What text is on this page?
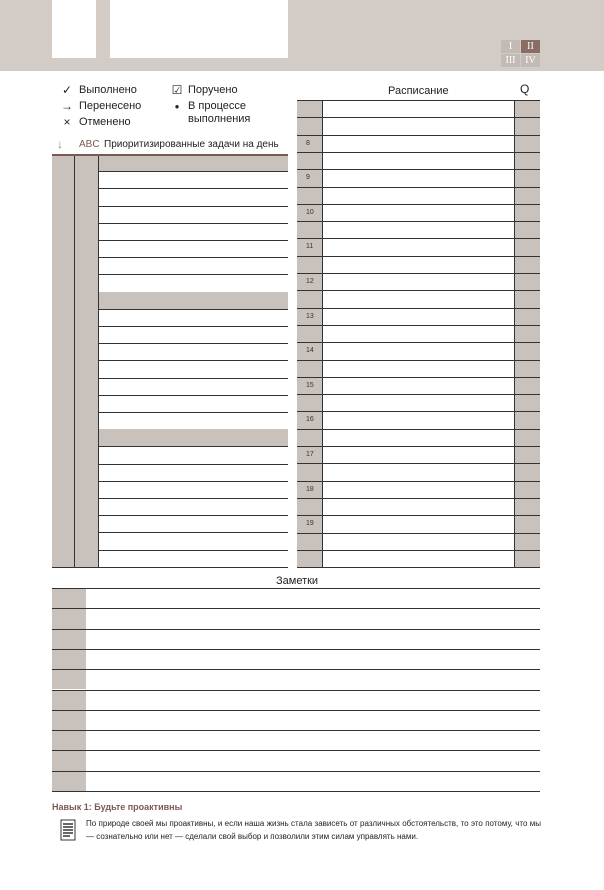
I	II
III IV
✓ Выполнено
→ Перенесено
× Отменено
☑ Поручено
● В процессе выполнения
↓ ABC Приоритизированные задачи на день
Расписание	Q
8
9
10
11
12
13
14
15
16
17
18
19
Заметки
Навык 1: Будьте проактивны
По природе своей мы проактивны, и если наша жизнь стала зависеть от различных обстоятельств, то это потому, что мы — сознательно или нет — сделали свой выбор и позволили этим силам управлять нами.
